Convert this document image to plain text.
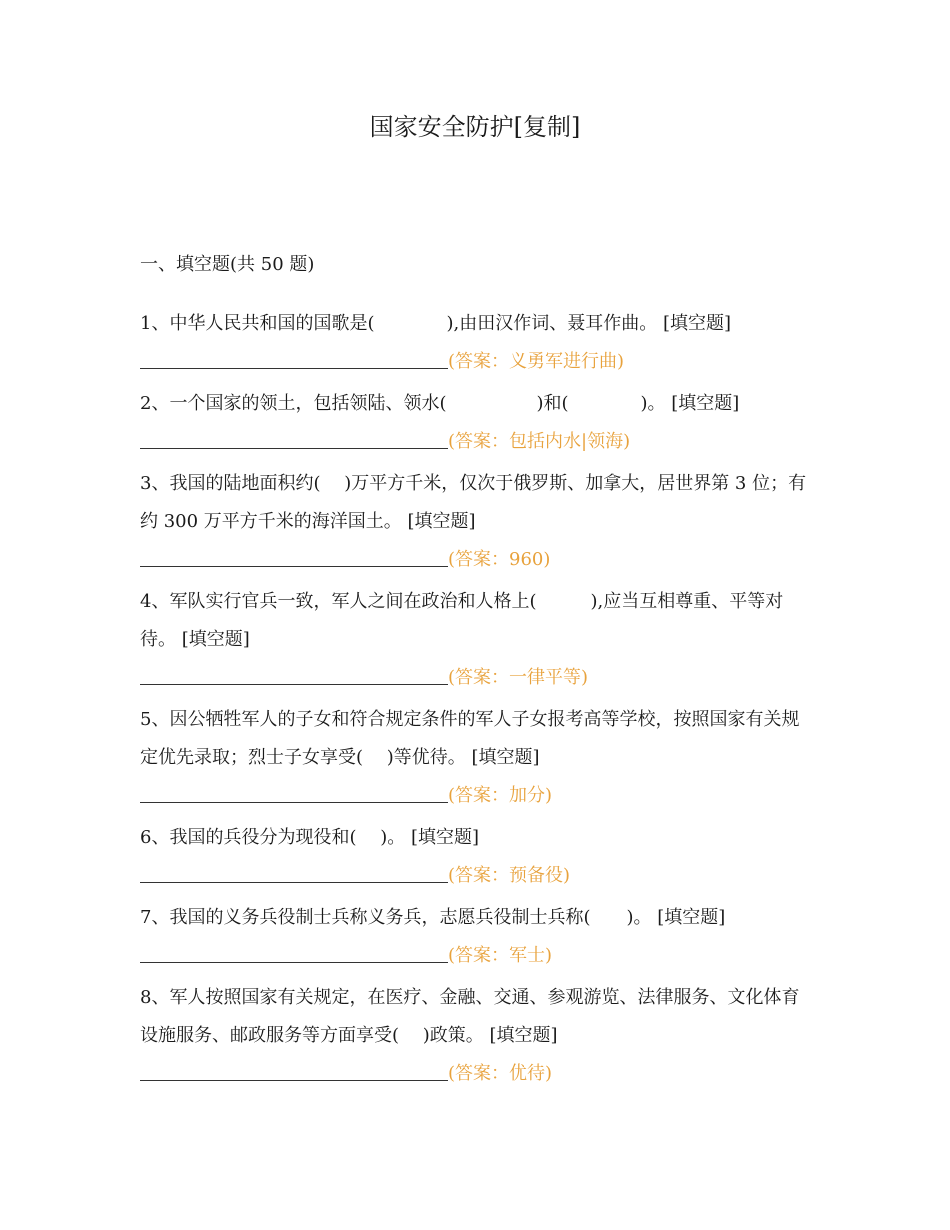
国家安全防护[复制]
一、填空题(共 50 题)
1、中华人民共和国的国歌是(　　　　),由田汉作词、聂耳作曲。 [填空题]
(答案：义勇军进行曲)
2、一个国家的领土，包括领陆、领水(　　　　　)和(　　　　)。 [填空题]
(答案：包括内水|领海)
3、我国的陆地面积约(　 )万平方千米，仅次于俄罗斯、加拿大，居世界第 3 位；有约 300 万平方千米的海洋国土。 [填空题]
(答案：960)
4、军队实行官兵一致，军人之间在政治和人格上(　　　),应当互相尊重、平等对待。 [填空题]
(答案：一律平等)
5、因公牺牲军人的子女和符合规定条件的军人子女报考高等学校，按照国家有关规定优先录取；烈士子女享受(　 )等优待。 [填空题]
(答案：加分)
6、我国的兵役分为现役和(　 )。 [填空题]
(答案：预备役)
7、我国的义务兵役制士兵称义务兵，志愿兵役制士兵称(　　)。 [填空题]
(答案：军士)
8、军人按照国家有关规定，在医疗、金融、交通、参观游览、法律服务、文化体育设施服务、邮政服务等方面享受(　 )政策。 [填空题]
(答案：优待)
